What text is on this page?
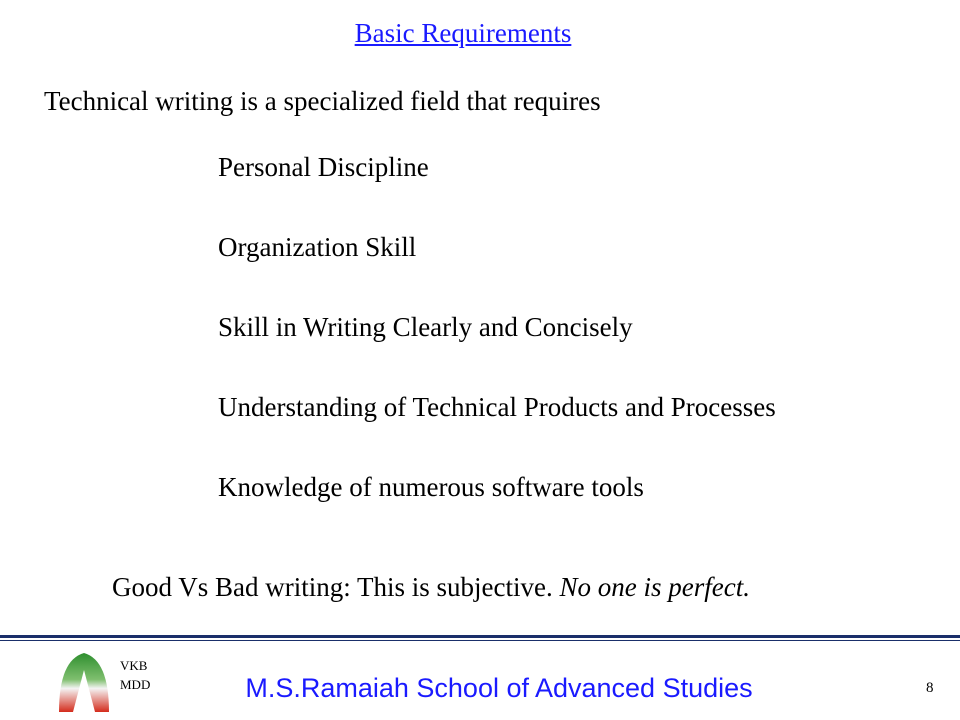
Basic Requirements
Technical writing is a specialized field that requires
Personal Discipline
Organization Skill
Skill in Writing Clearly and Concisely
Understanding of Technical Products and Processes
Knowledge of numerous software tools
Good Vs Bad writing: This is subjective. No one is perfect.
VKB
MDD	M.S.Ramaiah School of Advanced Studies	8
